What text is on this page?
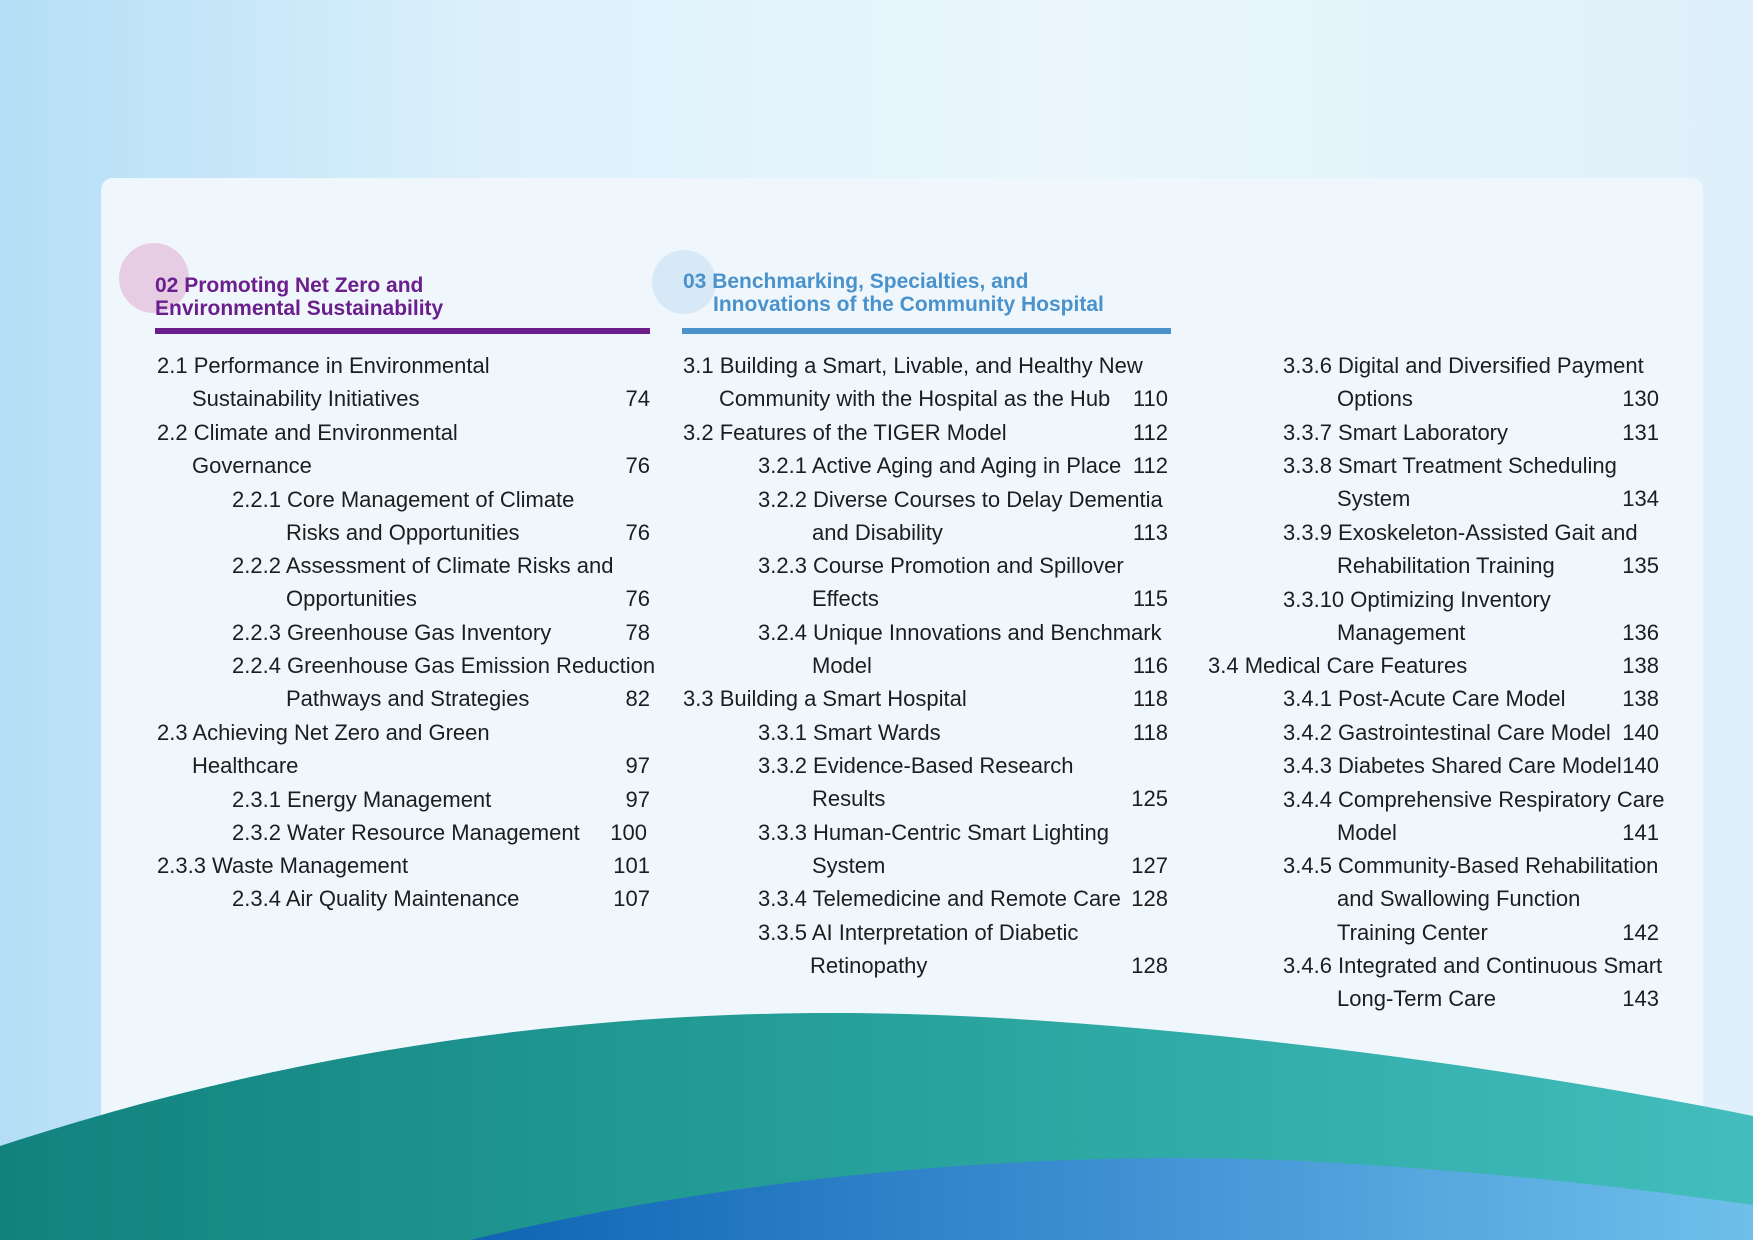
02 Promoting Net Zero and
Environmental Sustainability
03 Benchmarking, Specialties, and
Innovations of the Community Hospital
2.1 Performance in Environmental
Sustainability Initiatives	74
2.2 Climate and Environmental
Governance	76
2.2.1 Core Management of Climate
Risks and Opportunities	76
2.2.2 Assessment of Climate Risks and
Opportunities	76
2.2.3 Greenhouse Gas Inventory	78
2.2.4 Greenhouse Gas Emission Reduction
Pathways and Strategies	82
2.3 Achieving Net Zero and Green
Healthcare	97
2.3.1 Energy Management	97
2.3.2 Water Resource Management	100
2.3.3 Waste Management	101
2.3.4 Air Quality Maintenance	107
3.1 Building a Smart, Livable, and Healthy New
Community with the Hospital as the Hub	110
3.2 Features of the TIGER Model	112
3.2.1 Active Aging and Aging in Place 112
3.2.2 Diverse Courses to Delay Dementia
and Disability	113
3.2.3 Course Promotion and Spillover
Effects	115
3.2.4 Unique Innovations and Benchmark
Model	116
3.3 Building a Smart Hospital	118
3.3.1 Smart Wards	118
3.3.2 Evidence-Based Research
Results	125
3.3.3 Human-Centric Smart Lighting
System	127
3.3.4 Telemedicine and Remote Care 128
3.3.5 AI Interpretation of Diabetic
Retinopathy	128
3.3.6 Digital and Diversified Payment
Options	130
3.3.7 Smart Laboratory	131
3.3.8 Smart Treatment Scheduling
System	134
3.3.9 Exoskeleton-Assisted Gait and
Rehabilitation Training	135
3.3.10 Optimizing Inventory
Management	136
3.4 Medical Care Features	138
3.4.1 Post-Acute Care Model	138
3.4.2 Gastrointestinal Care Model 140
3.4.3 Diabetes Shared Care Model 140
3.4.4 Comprehensive Respiratory Care
Model	141
3.4.5 Community-Based Rehabilitation
and Swallowing Function
Training Center	142
3.4.6 Integrated and Continuous Smart
Long-Term Care	143
